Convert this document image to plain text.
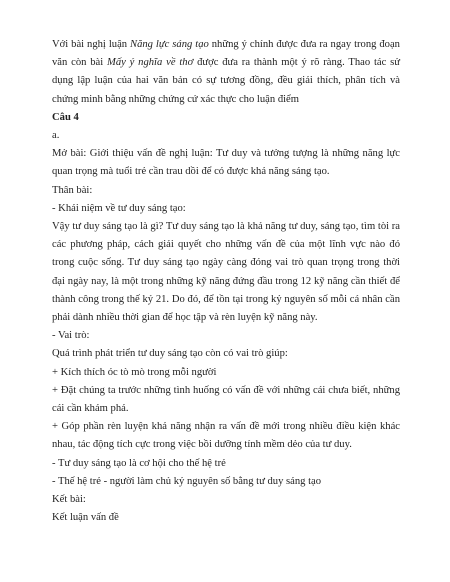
Với bài nghị luận Năng lực sáng tạo những ý chính được đưa ra ngay trong đoạn văn còn bài Mấy ý nghĩa về thơ được đưa ra thành một ý rõ ràng. Thao tác sử dụng lập luận của hai văn bản có sự tương đồng, đều giải thích, phân tích và chứng minh bằng những chứng cứ xác thực cho luận điểm

Câu 4

a.

Mở bài: Giới thiệu vấn đề nghị luận: Tư duy và tưởng tượng là những năng lực quan trọng mà tuổi trẻ cần trau dồi để có được khả năng sáng tạo.

Thân bài:

- Khái niệm về tư duy sáng tạo:

Vậy tư duy sáng tạo là gì? Tư duy sáng tạo là khả năng tư duy, sáng tạo, tìm tòi ra các phương pháp, cách giải quyết cho những vấn đề của một lĩnh vực nào đó trong cuộc sống. Tư duy sáng tạo ngày càng đóng vai trò quan trọng trong thời đại ngày nay, là một trong những kỹ năng đứng đầu trong 12 kỹ năng cần thiết để thành công trong thế kỷ 21. Do đó, để tồn tại trong kỷ nguyên số mỗi cá nhân cần phải dành nhiều thời gian để học tập và rèn luyện kỹ năng này.

- Vai trò:

Quá trình phát triển tư duy sáng tạo còn có vai trò giúp:

+ Kích thích óc tò mò trong mỗi người

+ Đặt chúng ta trước những tình huống có vấn đề với những cái chưa biết, những cái cần khám phá.

+ Góp phần rèn luyện khả năng nhận ra vấn đề mới trong nhiều điều kiện khác nhau, tác động tích cực trong việc bồi dưỡng tính mềm dẻo của tư duy.

- Tư duy sáng tạo là cơ hội cho thế hệ trẻ

- Thế hệ trẻ - người làm chủ kỷ nguyên số bằng tư duy sáng tạo

Kết bài:

Kết luận vấn đề
